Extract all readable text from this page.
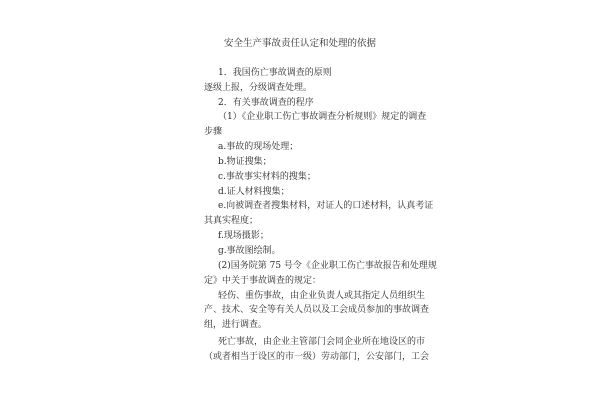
安全生产事故责任认定和处理的依据
1．我国伤亡事故调查的原则
逐级上报，分级调查处理。
2．有关事故调查的程序
（1）《企业职工伤亡事故调查分析规则》规定的调查
步骤
a.事故的现场处理；
b.物证搜集；
c.事故事实材料的搜集；
d.证人材料搜集；
e.向被调查者搜集材料，对证人的口述材料，认真考证
其真实程度；
f.现场摄影；
g.事故图绘制。
(2)国务院第 75 号令《企业职工伤亡事故报告和处理规
定》中关于事故调查的规定：
轻伤、重伤事故，由企业负责人或其指定人员组织生
产、技术、安全等有关人员以及工会成员参加的事故调查
组，进行调查。
死亡事故，由企业主管部门会同企业所在地设区的市
（或者相当于设区的市一级）劳动部门，公安部门，工会
